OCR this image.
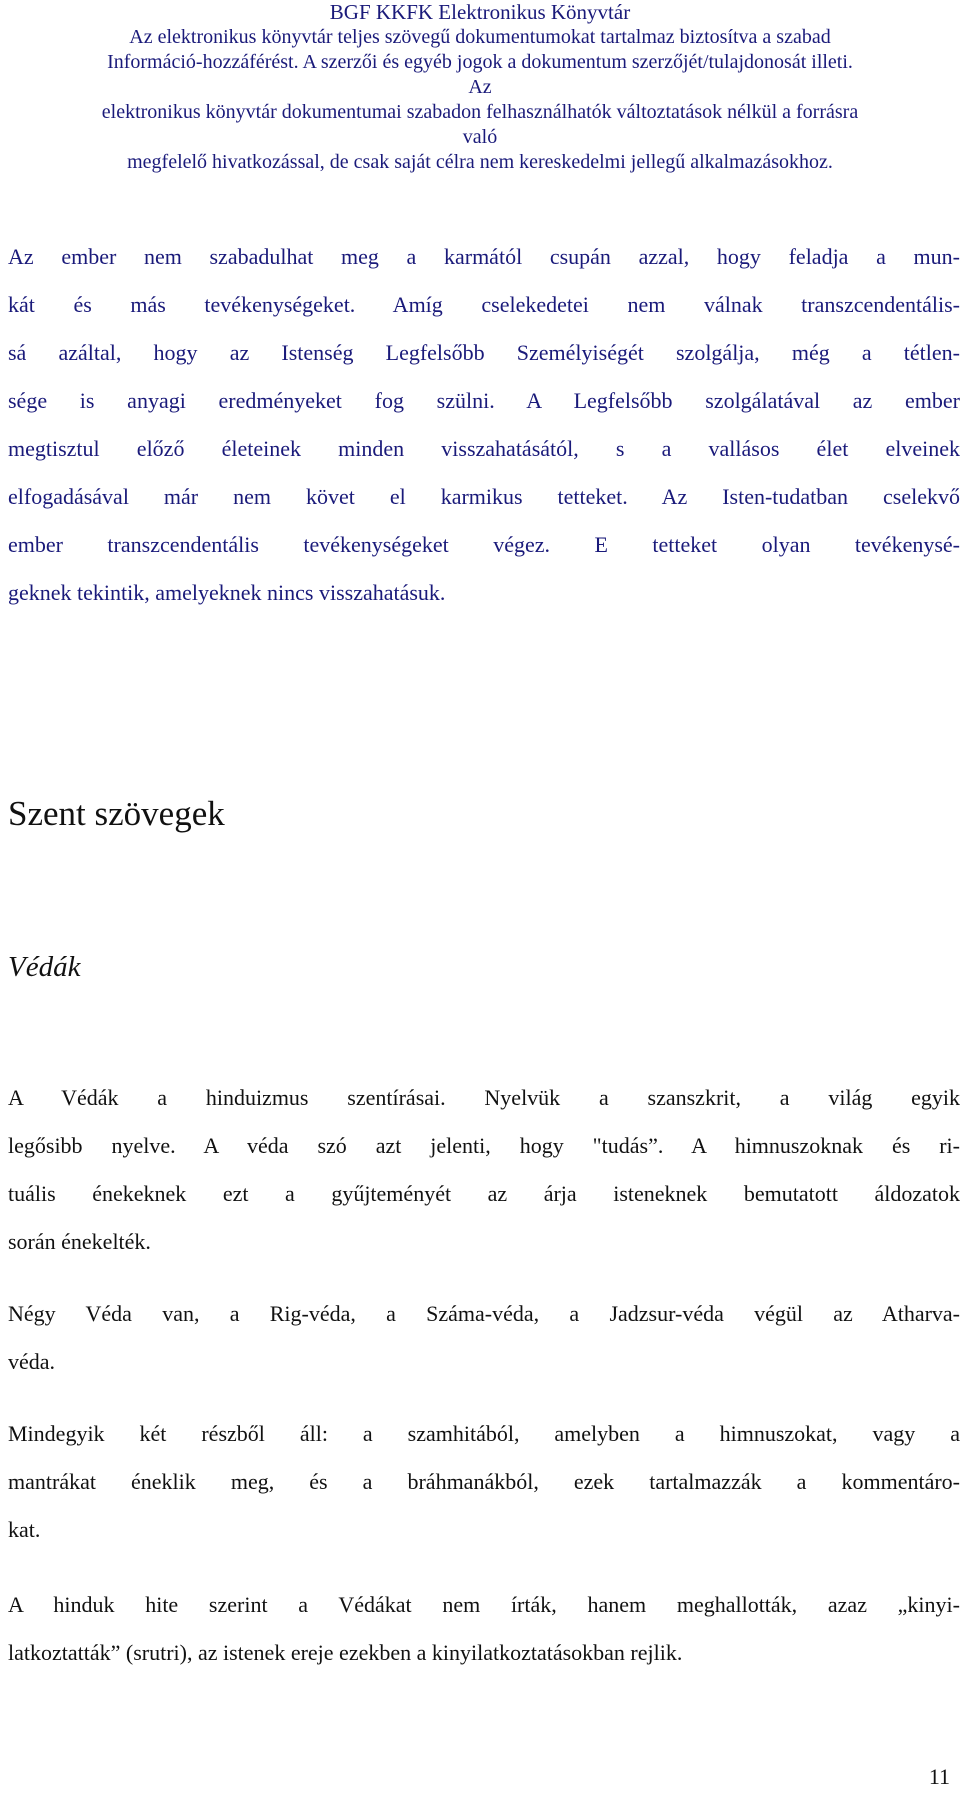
BGF KKFK Elektronikus Könyvtár
Az elektronikus könyvtár teljes szövegű dokumentumokat tartalmaz biztosítva a szabad
Információ-hozzáférést. A szerzői és egyéb jogok a dokumentum szerzőjét/tulajdonosát illeti.
Az
elektronikus könyvtár dokumentumai szabadon felhasználhatók változtatások nélkül a forrásra
való
megfelelő hivatkozással, de csak saját célra nem kereskedelmi jellegű alkalmazásokhoz.
Az ember nem szabadulhat meg a karmától csupán azzal, hogy feladja a mun-
kát és más tevékenységeket. Amíg cselekedetei nem válnak transzcendentális-
sá azáltal, hogy az Istenség Legfelsőbb Személyiségét szolgálja, még a tétlen-
sége is anyagi eredményeket fog szülni. A Legfelsőbb szolgálatával az ember
megtisztul előző életeinek minden visszahatásától, s a vallásos élet elveinek
elfogadásával már nem követ el karmikus tetteket. Az Isten-tudatban cselekvő
ember transzcendentális tevékenységeket végez. E tetteket olyan tevékenysé-
geknek tekintik, amelyeknek nincs visszahatásuk.
Szent szövegek
Védák
A Védák a hinduizmus szentírásai. Nyelvük a szanszkrit, a világ egyik
legősibb nyelve. A véda szó azt jelenti, hogy "tudás”. A himnuszoknak és ri-
tuális énekeknek ezt a gyűjteményét az árja isteneknek bemutatott áldozatok
során énekelték.
Négy Véda van, a Rig-véda, a Száma-véda, a Jadzsur-véda végül az Atharva-
véda.
Mindegyik két részből áll: a szamhitából, amelyben a himnuszokat, vagy a
mantrákat éneklik meg, és a bráhmanákból, ezek tartalmazzák a kommentáro-
kat.
A hinduk hite szerint a Védákat nem írták, hanem meghallották, azaz „kinyi-
latkoztatták” (srutri), az istenek ereje ezekben a kinyilatkoztatásokban rejlik.
11
